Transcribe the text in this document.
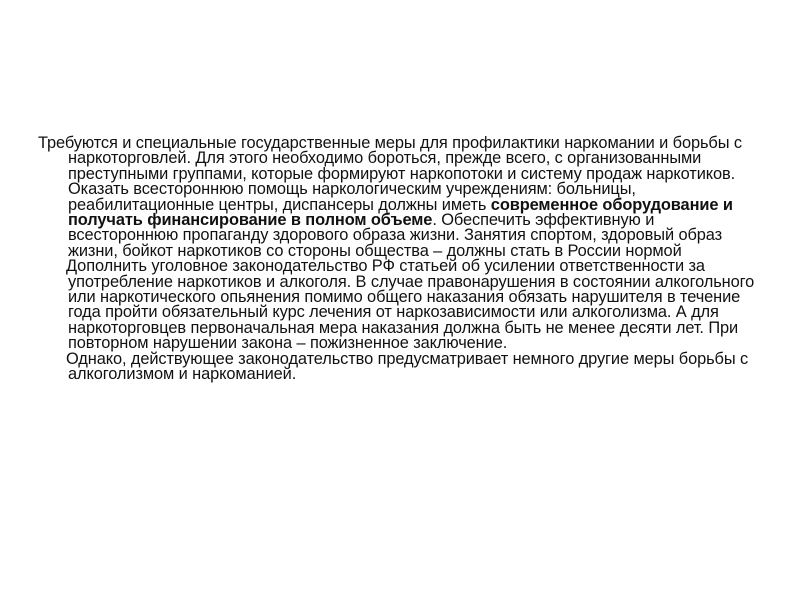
Требуются и специальные государственные меры для профилактики наркомании и борьбы с наркоторговлей. Для этого необходимо бороться, прежде всего, с организованными преступными группами, которые формируют наркопотоки и систему продаж наркотиков. Оказать всестороннюю помощь наркологическим учреждениям: больницы, реабилитационные центры, диспансеры должны иметь современное оборудование и получать финансирование в полном объеме. Обеспечить эффективную и всестороннюю пропаганду здорового образа жизни. Занятия спортом, здоровый образ жизни, бойкот наркотиков со стороны общества – должны стать в России нормой

Дополнить уголовное законодательство РФ статьей об усилении ответственности за употребление наркотиков и алкоголя. В случае правонарушения в состоянии алкогольного или наркотического опьянения помимо общего наказания обязать нарушителя в течение года пройти обязательный курс лечения от наркозависимости или алкоголизма. А для наркоторговцев первоначальная мера наказания должна быть не менее десяти лет. При повторном нарушении закона – пожизненное заключение.

Однако, действующее законодательство предусматривает немного другие меры борьбы с алкоголизмом и наркоманией.
